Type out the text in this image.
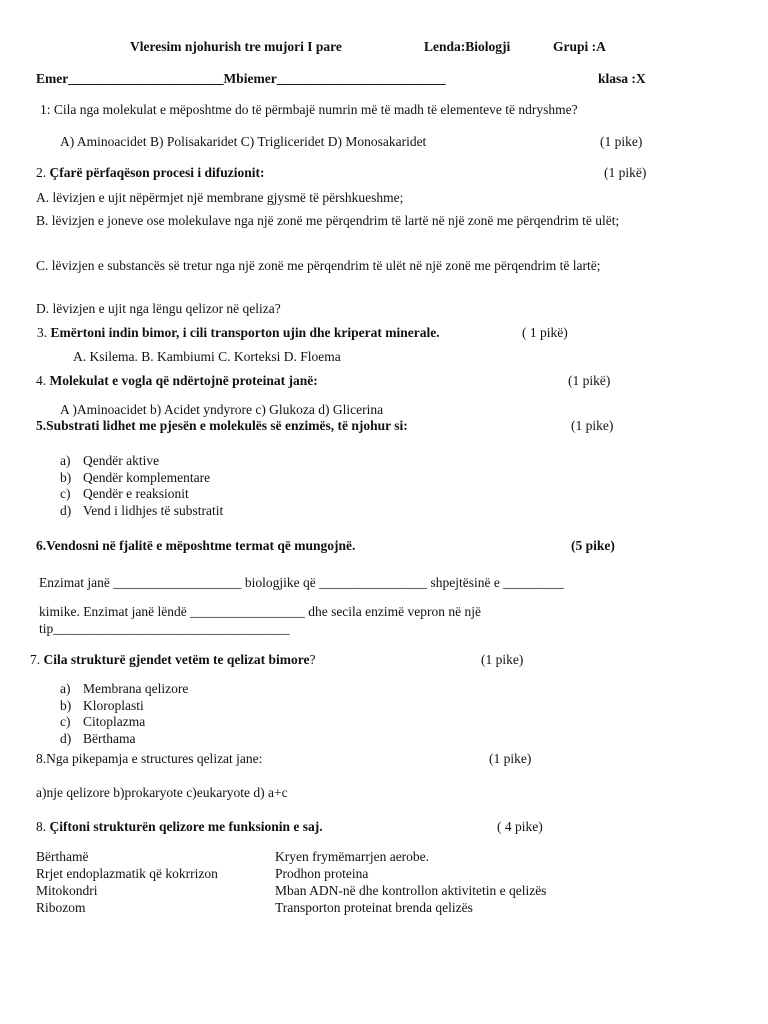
Vleresim njohurish tre mujori I pare	Lenda:Biologji	Grupi :A
Emer_______________________Mbiemer_________________________	klasa :X
1: Cila nga molekulat e mëposhtme do të përmbajë numrin më të madh të elementeve të ndryshme?
A) Aminoacidet B) Polisakaridet C) Trigliceridet D) Monosakaridet	(1 pike)
2. Çfarë përfaqëson procesi i difuzionit:	(1 pikë)
A. lëvizjen e ujit nëpërmjet një membrane gjysmë të përshkueshme;
B. lëvizjen e joneve ose molekulave nga një zonë me përqendrim të lartë në një zonë me përqendrim të ulët;
C. lëvizjen e substancës së tretur nga një zonë me përqendrim të ulët në një zonë me përqendrim të lartë;
D. lëvizjen e ujit nga lëngu qelizor në qeliza?
3. Emërtoni indin bimor, i cili transporton ujin dhe kriperat minerale.	( 1 pikë)
A. Ksilema. B. Kambiumi C. Korteksi D. Floema
4. Molekulat e vogla që ndërtojnë proteinat janë:	(1 pikë)
A )Aminoacidet b) Acidet yndyrore c) Glukoza d) Glicerina
5.Substrati lidhet me pjesën e molekulës së enzimës, të njohur si:	(1 pike)
a) Qendër aktive
b) Qendër komplementare
c) Qendër e reaksionit
d) Vend i lidhjes të substratit
6.Vendosni në fjalitë e mëposhtme termat që mungojnë.	(5 pike)
Enzimat janë ___________________ biologjike që ________________ shpejtësinë e _________
kimike. Enzimat janë lëndë _________________ dhe secila enzimë vepron në një
tip___________________________________
7. Cila strukturë gjendet vetëm te qelizat bimore?	(1 pike)
a) Membrana qelizore
b) Kloroplasti
c) Citoplazma
d) Bërthama
8.Nga pikepamja e structures qelizat jane:	(1 pike)
a)nje qelizore b)prokaryote c)eukaryote d) a+c
8. Çiftoni strukturën qelizore me funksionin e saj.	( 4 pike)
Bërthamë	Kryen frymëmarrjen aerobe.
Rrjet endoplazmatik që kokrrizon	Prodhon proteina
Mitokondri	Mban ADN-në dhe kontrollon aktivitetin e qelizës
Ribozom	Transporton proteinat brenda qelizës
